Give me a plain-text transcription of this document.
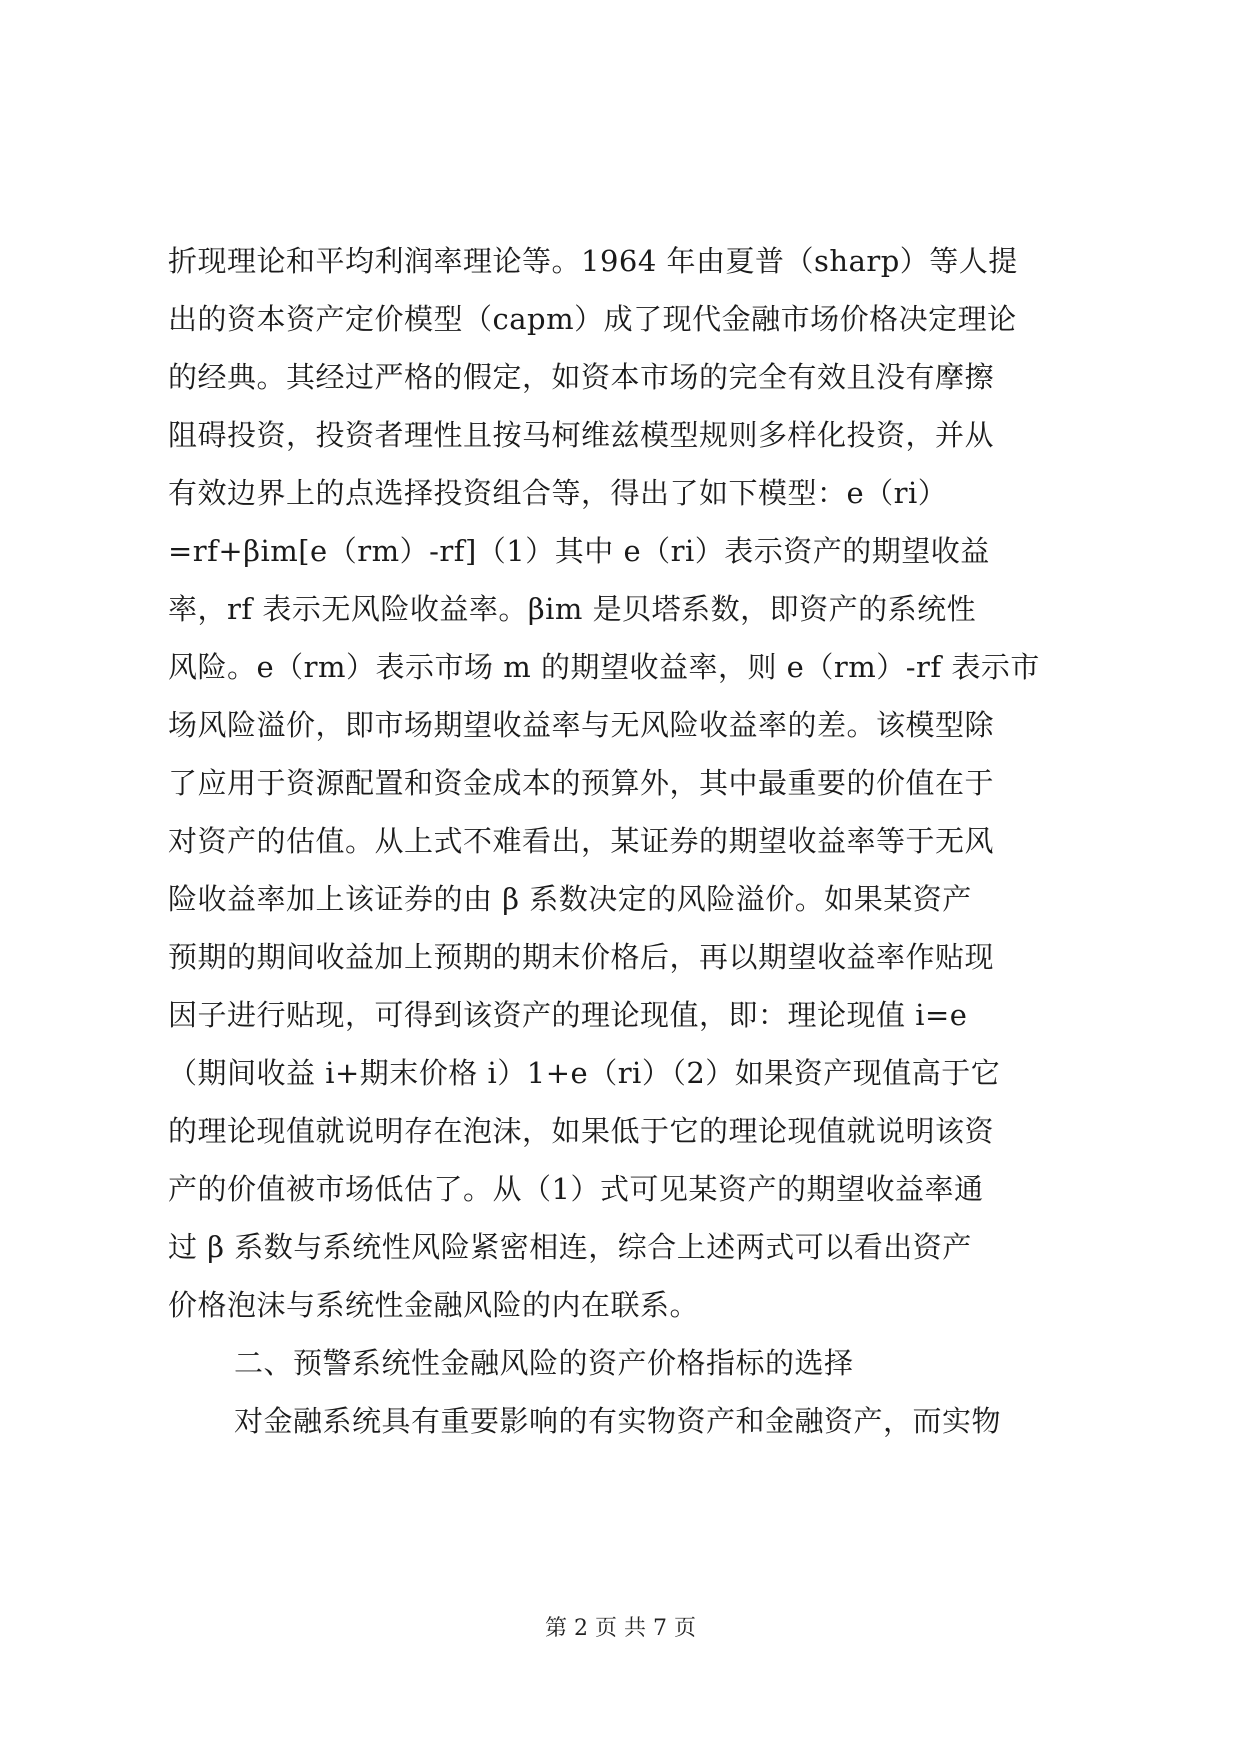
折现理论和平均利润率理论等。1964 年由夏普（sharp）等人提
出的资本资产定价模型（capm）成了现代金融市场价格决定理论
的经典。其经过严格的假定，如资本市场的完全有效且没有摩擦
阻碍投资，投资者理性且按马柯维兹模型规则多样化投资，并从
有效边界上的点选择投资组合等，得出了如下模型：e（ri）
=rf+βim[e（rm）-rf]（1）其中 e（ri）表示资产的期望收益
率，rf 表示无风险收益率。βim 是贝塔系数，即资产的系统性
风险。e（rm）表示市场 m 的期望收益率，则 e（rm）-rf 表示市
场风险溢价，即市场期望收益率与无风险收益率的差。该模型除
了应用于资源配置和资金成本的预算外，其中最重要的价值在于
对资产的估值。从上式不难看出，某证券的期望收益率等于无风
险收益率加上该证券的由 β 系数决定的风险溢价。如果某资产
预期的期间收益加上预期的期末价格后，再以期望收益率作贴现
因子进行贴现，可得到该资产的理论现值，即：理论现值 i=e
（期间收益 i+期末价格 i）1+e（ri）（2）如果资产现值高于它
的理论现值就说明存在泡沫，如果低于它的理论现值就说明该资
产的价值被市场低估了。从（1）式可见某资产的期望收益率通
过 β 系数与系统性风险紧密相连，综合上述两式可以看出资产
价格泡沫与系统性金融风险的内在联系。
二、预警系统性金融风险的资产价格指标的选择
对金融系统具有重要影响的有实物资产和金融资产，而实物
第 2 页 共 7 页
